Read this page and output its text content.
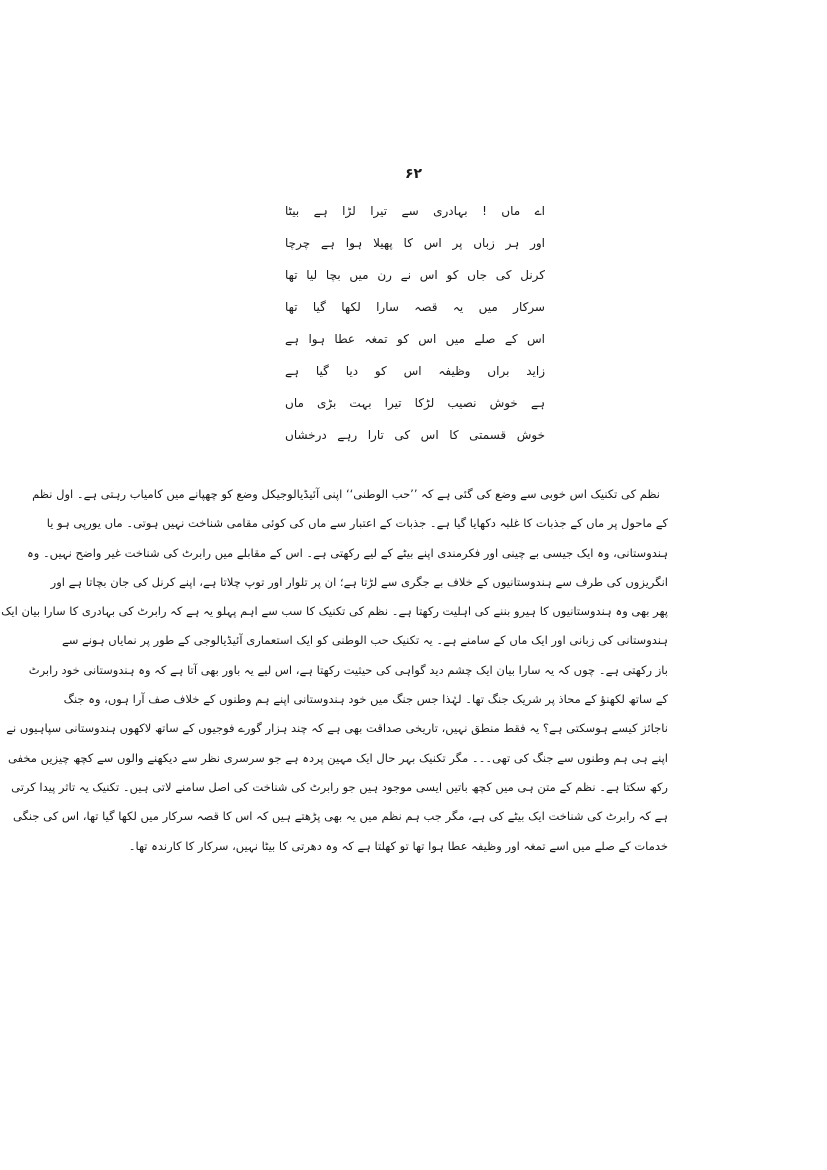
۶۲
اے ماں ! بہادری سے تیرا لڑا ہے بیٹا
اور ہر زباں پر اس کا پھیلا ہوا ہے چرچا
کرنل کی جاں کو اس نے رن میں بچا لیا تھا
سرکار میں یہ قصہ سارا لکھا گیا تھا
اس کے صلے میں اس کو تمغہ عطا ہوا ہے
زاید براں وظیفہ اس کو دیا گیا ہے
ہے خوش نصیب لڑکا تیرا بہت بڑی ماں
خوش قسمتی کا اس کی تارا رہے درخشاں
نظم کی تکنیک اس خوبی سے وضع کی گئی ہے کہ ’’حب الوطنی‘‘ اپنی آئیڈیالوجیکل وضع کو چھپانے میں کامیاب رہتی ہے۔ اول نظم
کے ماحول پر ماں کے جذبات کا غلبہ دکھایا گیا ہے۔ جذبات کے اعتبار سے ماں کی کوئی مقامی شناخت نہیں ہوتی۔ ماں یورپی ہو یا
ہندوستانی، وہ ایک جیسی بے چینی اور فکرمندی اپنے بیٹے کے لیے رکھتی ہے۔ اس کے مقابلے میں رابرٹ کی شناخت غیر واضح نہیں۔ وہ
انگریزوں کی طرف سے ہندوستانیوں کے خلاف بے جگری سے لڑتا ہے؛ ان پر تلوار اور توپ چلاتا ہے، اپنے کرنل کی جان بچاتا ہے اور
پھر بھی وہ ہندوستانیوں کا ہیرو بننے کی اہلیت رکھتا ہے۔ نظم کی تکنیک کا سب سے اہم پہلو یہ ہے کہ رابرٹ کی بہادری کا سارا بیان ایک
ہندوستانی کی زبانی اور ایک ماں کے سامنے ہے۔ یہ تکنیک حب الوطنی کو ایک استعماری آئیڈیالوجی کے طور پر نمایاں ہونے سے
باز رکھتی ہے۔ چوں کہ یہ سارا بیان ایک چشم دید گواہی کی حیثیت رکھتا ہے، اس لیے یہ باور بھی آتا ہے کہ وہ ہندوستانی خود رابرٹ
کے ساتھ لکھنؤ کے محاذ پر شریک جنگ تھا۔ لہٰذا جس جنگ میں خود ہندوستانی اپنے ہم وطنوں کے خلاف صف آرا ہوں، وہ جنگ
ناجائز کیسے ہوسکتی ہے؟ یہ فقط منطق نہیں، تاریخی صداقت بھی ہے کہ چند ہزار گورے فوجیوں کے ساتھ لاکھوں ہندوستانی سپاہیوں نے
اپنے ہی ہم وطنوں سے جنگ کی تھی۔۔۔ مگر تکنیک بہر حال ایک مہین پردہ ہے جو سرسری نظر سے دیکھنے والوں سے کچھ چیزیں مخفی
رکھ سکتا ہے۔ نظم کے متن ہی میں کچھ باتیں ایسی موجود ہیں جو رابرٹ کی شناخت کی اصل سامنے لاتی ہیں۔ تکنیک یہ تاثر پیدا کرتی
ہے کہ رابرٹ کی شناخت ایک بیٹے کی ہے، مگر جب ہم نظم میں یہ بھی پڑھتے ہیں کہ اس کا قصہ سرکار میں لکھا گیا تھا، اس کی جنگی
خدمات کے صلے میں اسے تمغہ اور وظیفہ عطا ہوا تھا تو کھلتا ہے کہ وہ دھرتی کا بیٹا نہیں، سرکار کا کارندہ تھا۔
